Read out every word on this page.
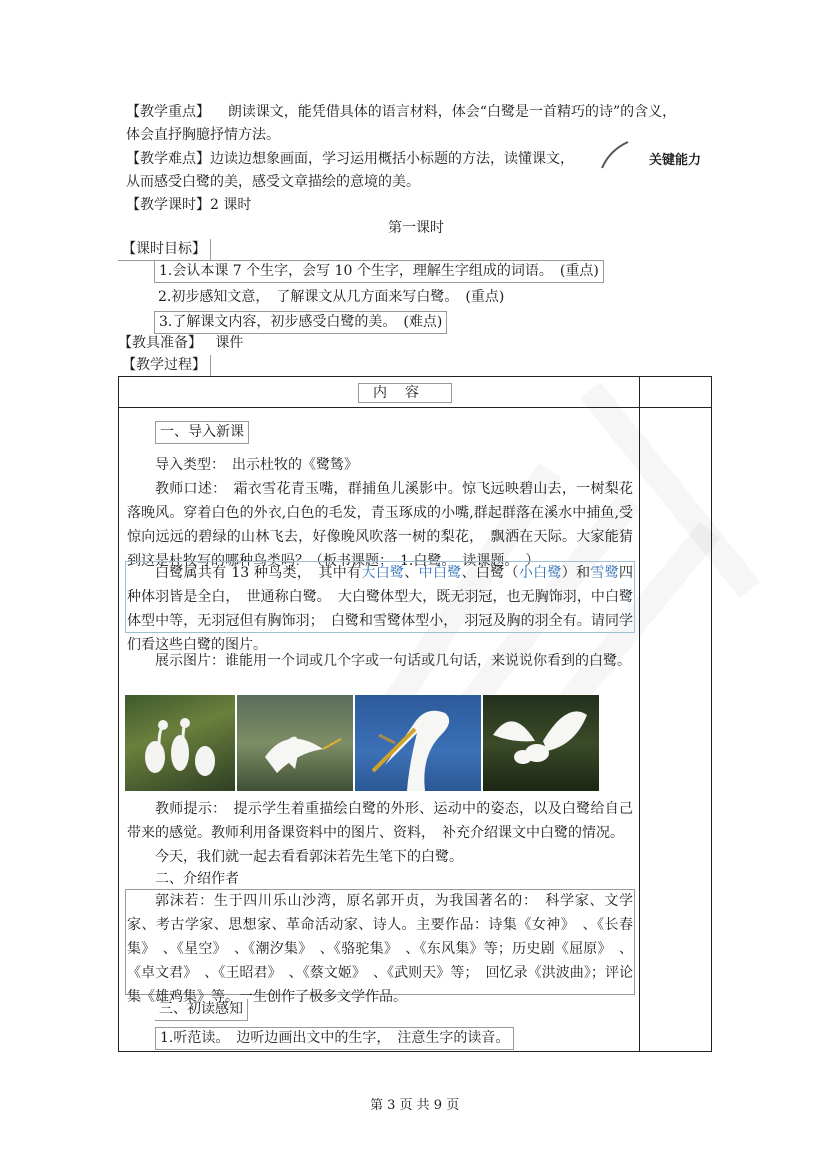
【教学重点】 朗读课文，能凭借具体的语言材料，体会“白鹭是一首精巧的诗”的含义，
体会直抒胸臆抒情方法。
【教学难点】边读边想象画面，学习运用概括小标题的方法，读懂课文，	关键能力
从而感受白鹭的美，感受文章描绘的意境的美。
【教学课时】2 课时
第一课时
【课时目标】
1.会认本课 7 个生字，会写 10 个生字，理解生字组成的词语。　(重点)

2.初步感知文意，　了解课文从几方面来写白鹭。　(重点)
3.了解课文内容，初步感受白鹭的美。　(难点)
【教具准备】 课件
【教学过程】
内容
一、导入新课
导入类型：　出示杜牧的《鹭鸶》
教师口述：　霜衣雪花青玉嘴，群捕鱼儿溪影中。惊飞远映碧山去，一树梨花落晚风。穿着白色的外衣,白色的毛发，青玉琢成的小嘴,群起群落在溪水中捕鱼,受惊向远远的碧绿的山林飞去，好像晚风吹落一树的梨花，　飘洒在天际。大家能猜到这是杜牧写的哪种鸟类吗？（板书课题：　1.白鹭。　读课题。　）
白鹭属共有 13 种鸟类，　其中有大白鹭、中白鹭、白鹭（小白鹭）和雪鹭四种体羽皆是全白，　世通称白鹭。　大白鹭体型大，既无羽冠，也无胸饰羽，中白鹭体型中等，无羽冠但有胸饰羽；　白鹭和雪鹭体型小，　羽冠及胸的羽全有。请同学们看这些白鹭的图片。
展示图片：谁能用一个词或几个字或一句话或几句话，来说说你看到的白鹭。
教师提示：　提示学生着重描绘白鹭的外形、运动中的姿态，以及白鹭给自己带来的感觉。教师利用备课资料中的图片、资料，　补充介绍课文中白鹭的情况。
今天，我们就一起去看看郭沫若先生笔下的白鹭。
二、介绍作者
郭沫若：生于四川乐山沙湾，原名郭开贞，为我国著名的：　科学家、文学家、考古学家、思想家、革命活动家、诗人。主要作品：诗集《女神》　、《长春集》　、《星空》　、《潮汐集》　、《骆驼集》　、《东风集》等；历史剧《屈原》　、《卓文君》　、《王昭君》　、《蔡文姬》　、《武则天》等；　回忆录《洪波曲》；评论集《雄鸡集》等。一生创作了极多文学作品。
三、初读感知
1.听范读。　边听边画出文中的生字，　注意生字的读音。
第 3 页 共 9 页
